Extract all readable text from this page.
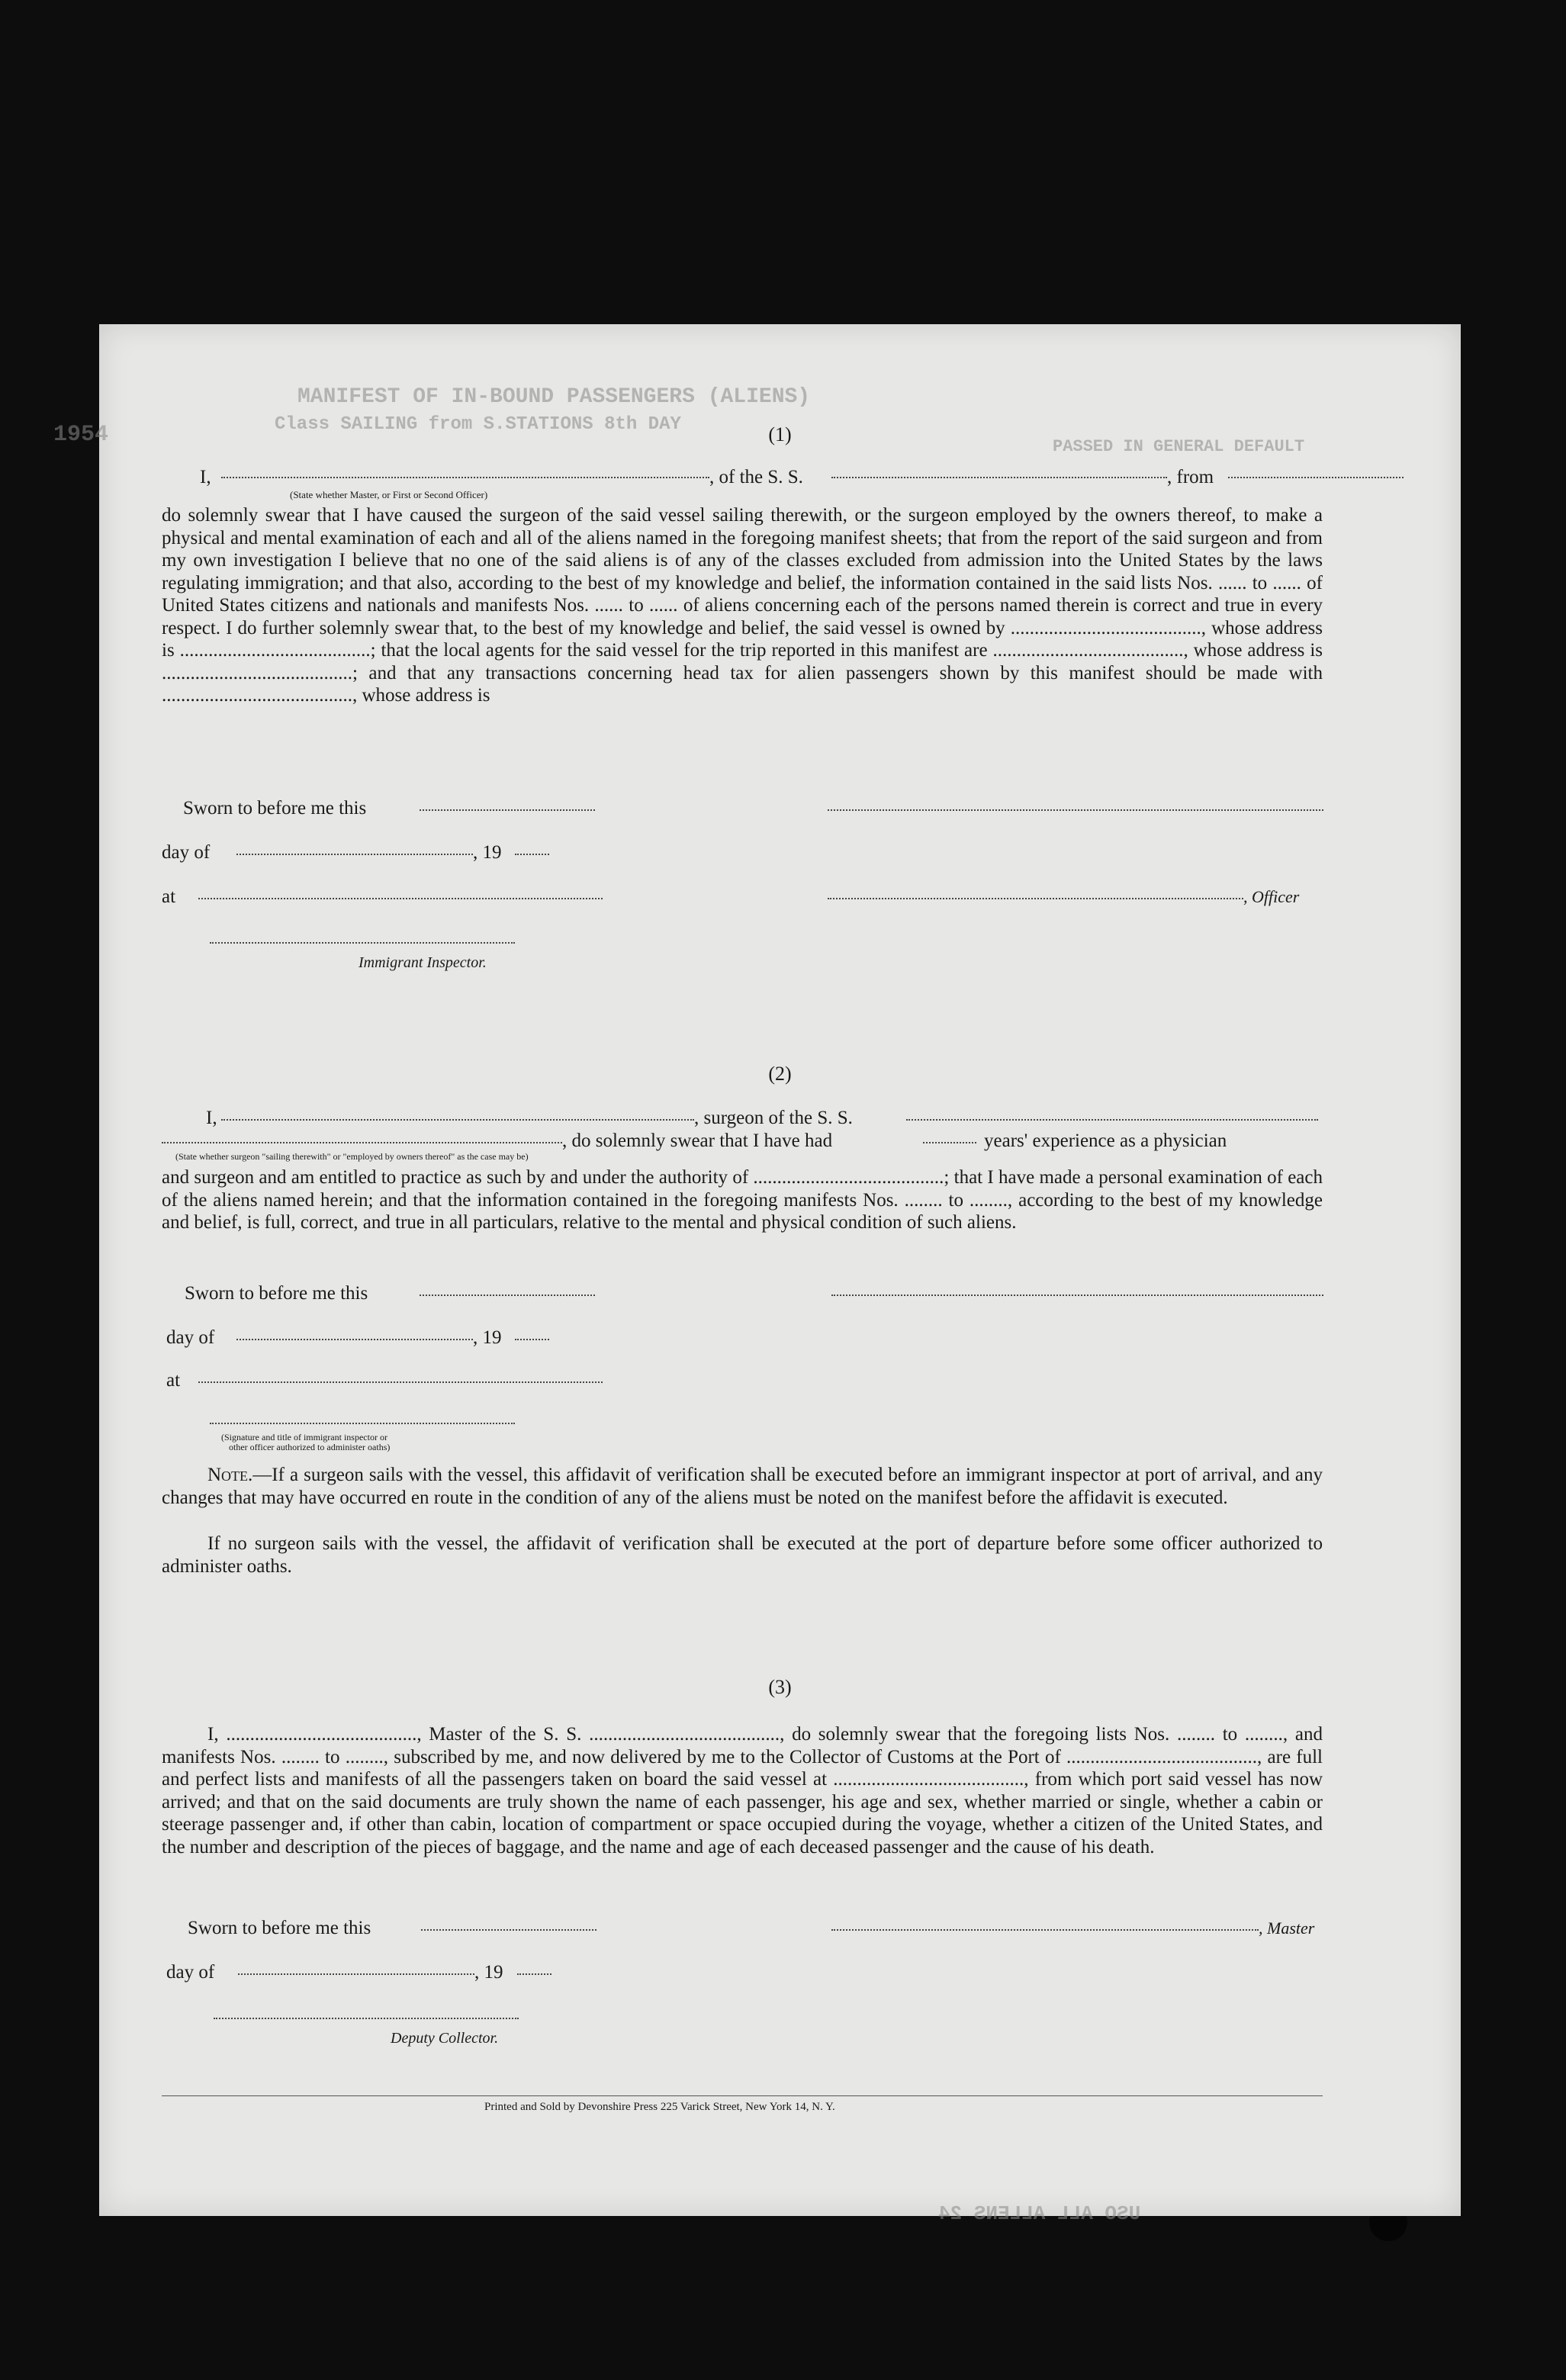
MANIFEST OF IN-BOUND PASSENGERS (ALIENS)
Class SAILING from S.STATIONS 8th DAY
1954	PASSED IN GENERAL DEFAULT
(1)
I,	, of the S. S.	, from
(State whether Master, or First or Second Officer)
do solemnly swear that I have caused the surgeon of the said vessel sailing therewith, or the surgeon employed by the owners thereof, to make a physical and mental examination of each and all of the aliens named in the foregoing manifest sheets; that from the report of the said surgeon and from my own investigation I believe that no one of the said aliens is of any of the classes excluded from admission into the United States by the laws regulating immigration; and that also, according to the best of my knowledge and belief, the information contained in the said lists Nos. ...... to ...... of United States citizens and nationals and manifests Nos. ...... to ...... of aliens concerning each of the persons named therein is correct and true in every respect. I do further solemnly swear that, to the best of my knowledge and belief, the said vessel is owned by ........................................, whose address is ........................................; that the local agents for the said vessel for the trip reported in this manifest are ........................................, whose address is ........................................; and that any transactions concerning head tax for alien passengers shown by this manifest should be made with ........................................, whose address is
Sworn to before me this
day of	, 19
at	, Officer
Immigrant Inspector.
(2)
I,	, surgeon of the S. S.
, do solemnly swear that I have had	years' experience as a physician
(State whether surgeon "sailing therewith" or "employed by owners thereof" as the case may be)
and surgeon and am entitled to practice as such by and under the authority of ........................................; that I have made a personal examination of each of the aliens named herein; and that the information contained in the foregoing manifests Nos. ........ to ........, according to the best of my knowledge and belief, is full, correct, and true in all particulars, relative to the mental and physical condition of such aliens.
Sworn to before me this
day of	, 19
at
(Signature and title of immigrant inspector or
other officer authorized to administer oaths)
Note.—If a surgeon sails with the vessel, this affidavit of verification shall be executed before an immigrant inspector at port of arrival, and any changes that may have occurred en route in the condition of any of the aliens must be noted on the manifest before the affidavit is executed.
If no surgeon sails with the vessel, the affidavit of verification shall be executed at the port of departure before some officer authorized to administer oaths.
(3)
I, ........................................, Master of the S. S. ........................................, do solemnly swear that the foregoing lists Nos. ........ to ........, and manifests Nos. ........ to ........, subscribed by me, and now delivered by me to the Collector of Customs at the Port of ........................................, are full and perfect lists and manifests of all the passengers taken on board the said vessel at ........................................, from which port said vessel has now arrived; and that on the said documents are truly shown the name of each passenger, his age and sex, whether married or single, whether a cabin or steerage passenger and, if other than cabin, location of compartment or space occupied during the voyage, whether a citizen of the United States, and the number and description of the pieces of baggage, and the name and age of each deceased passenger and the cause of his death.
Sworn to before me this	, Master
day of	, 19
Deputy Collector.
Printed and Sold by Devonshire Press 225 Varick Street, New York 14, N. Y.
USO ALL ALLENS 24
